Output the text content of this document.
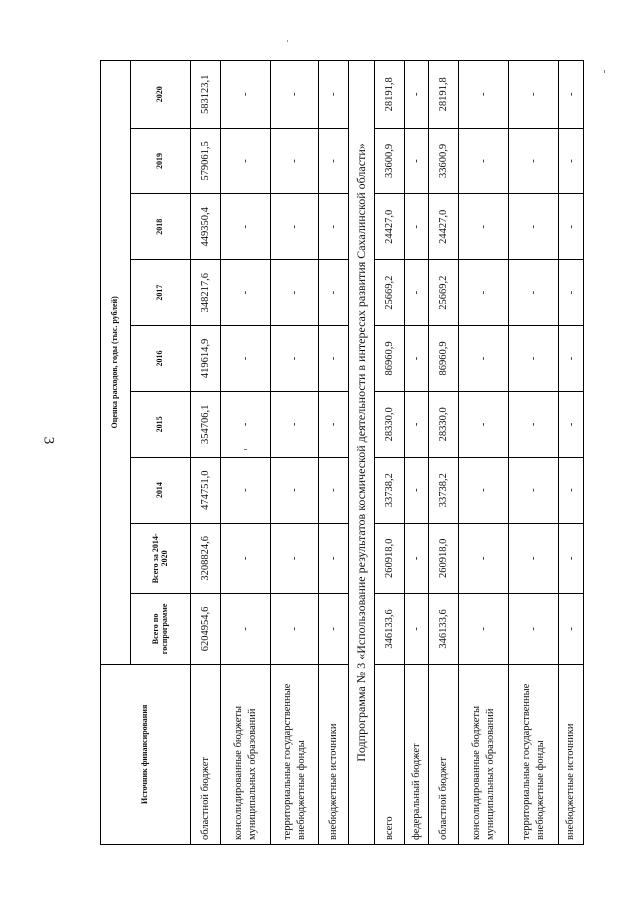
3
Источник финансирования	Оценка расходов, годы (тыс. рублей)								
	Всего по госпрограмме	Всего за 2014-2020	2014	2015	2016	2017	2018	2019	2020
областной бюджет	6204954,6	3208824,6	474751,0	354706,1	419614,9	348217,6	449350,4	579061,5	583123,1
консолидированные бюджеты муниципальных образований	-	-	-	-	-	-	-	-	-
территориальные государственные внебюджетные фонды	-	-	-	-	-	-	-	-	-
внебюджетные источники	-	-	-	-	-	-	-	-	-
Подпрограмма № 3 «Использование результатов космической деятельности в интересах развития Сахалинской области»									
всего	346133,6	260918,0	33738,2	28330,0	86960,9	25669,2	24427,0	33600,9	28191,8
федеральный бюджет	-	-	-	-	-	-	-	-	-
областной бюджет	346133,6	260918,0	33738,2	28330,0	86960,9	25669,2	24427,0	33600,9	28191,8
консолидированные бюджеты муниципальных образований	-	-	-	-	-	-	-	-	-
территориальные государственные внебюджетные фонды	-	-	-	-	-	-	-	-	-
внебюджетные источники	-	-	-	-	-	-	-	-	-
